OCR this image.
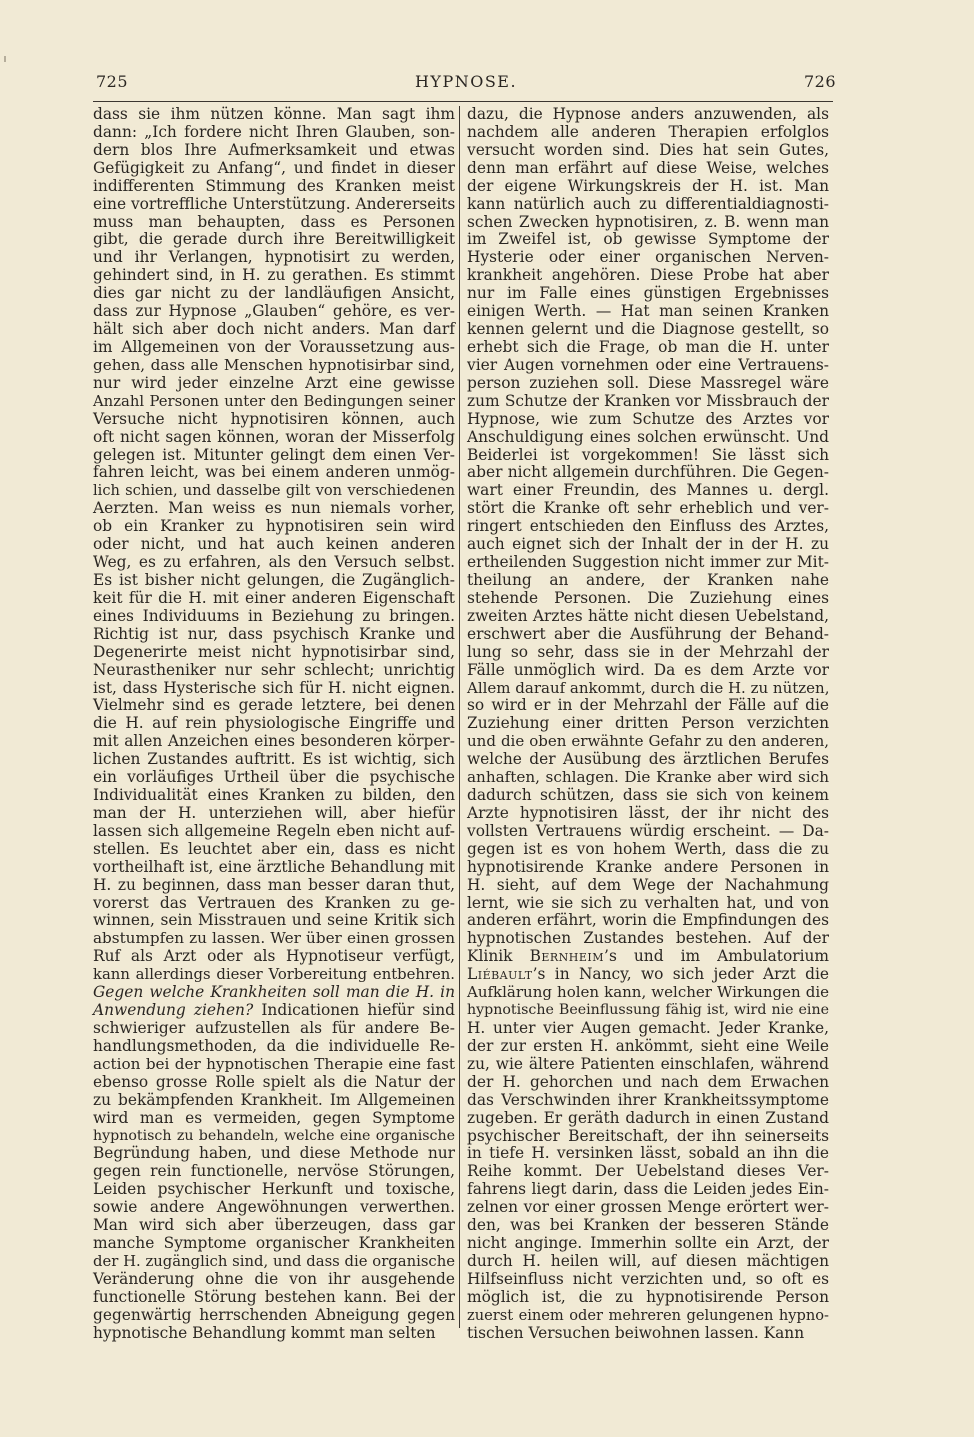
725	HYPNOSE.	726
dass sie ihm nützen könne. Man sagt ihm
dann: „Ich fordere nicht Ihren Glauben, son-
dern blos Ihre Aufmerksamkeit und etwas
Gefügigkeit zu Anfang“, und findet in dieser
indifferenten Stimmung des Kranken meist
eine vortreffliche Unterstützung. Andererseits
muss man behaupten, dass es Personen
gibt, die gerade durch ihre Bereitwilligkeit
und ihr Verlangen, hypnotisirt zu werden,
gehindert sind, in H. zu gerathen. Es stimmt
dies gar nicht zu der landläufigen Ansicht,
dass zur Hypnose „Glauben“ gehöre, es ver-
hält sich aber doch nicht anders. Man darf
im Allgemeinen von der Voraussetzung aus-
gehen, dass alle Menschen hypnotisirbar sind,
nur wird jeder einzelne Arzt eine gewisse
Anzahl Personen unter den Bedingungen seiner
Versuche nicht hypnotisiren können, auch
oft nicht sagen können, woran der Misserfolg
gelegen ist. Mitunter gelingt dem einen Ver-
fahren leicht, was bei einem anderen unmög-
lich schien, und dasselbe gilt von verschiedenen
Aerzten. Man weiss es nun niemals vorher,
ob ein Kranker zu hypnotisiren sein wird
oder nicht, und hat auch keinen anderen
Weg, es zu erfahren, als den Versuch selbst.
Es ist bisher nicht gelungen, die Zugänglich-
keit für die H. mit einer anderen Eigenschaft
eines Individuums in Beziehung zu bringen.
Richtig ist nur, dass psychisch Kranke und
Degenerirte meist nicht hypnotisirbar sind,
Neurastheniker nur sehr schlecht; unrichtig
ist, dass Hysterische sich für H. nicht eignen.
Vielmehr sind es gerade letztere, bei denen
die H. auf rein physiologische Eingriffe und
mit allen Anzeichen eines besonderen körper-
lichen Zustandes auftritt. Es ist wichtig, sich
ein vorläufiges Urtheil über die psychische
Individualität eines Kranken zu bilden, den
man der H. unterziehen will, aber hiefür
lassen sich allgemeine Regeln eben nicht auf-
stellen. Es leuchtet aber ein, dass es nicht
vortheilhaft ist, eine ärztliche Behandlung mit
H. zu beginnen, dass man besser daran thut,
vorerst das Vertrauen des Kranken zu ge-
winnen, sein Misstrauen und seine Kritik sich
abstumpfen zu lassen. Wer über einen grossen
Ruf als Arzt oder als Hypnotiseur verfügt,
kann allerdings dieser Vorbereitung entbehren.
Gegen welche Krankheiten soll man die H. in
Anwendung ziehen? Indicationen hiefür sind
schwieriger aufzustellen als für andere Be-
handlungsmethoden, da die individuelle Re-
action bei der hypnotischen Therapie eine fast
ebenso grosse Rolle spielt als die Natur der
zu bekämpfenden Krankheit. Im Allgemeinen
wird man es vermeiden, gegen Symptome
hypnotisch zu behandeln, welche eine organische
Begründung haben, und diese Methode nur
gegen rein functionelle, nervöse Störungen,
Leiden psychischer Herkunft und toxische,
sowie andere Angewöhnungen verwerthen.
Man wird sich aber überzeugen, dass gar
manche Symptome organischer Krankheiten
der H. zugänglich sind, und dass die organische
Veränderung ohne die von ihr ausgehende
functionelle Störung bestehen kann. Bei der
gegenwärtig herrschenden Abneigung gegen
hypnotische Behandlung kommt man selten
dazu, die Hypnose anders anzuwenden, als
nachdem alle anderen Therapien erfolglos
versucht worden sind. Dies hat sein Gutes,
denn man erfährt auf diese Weise, welches
der eigene Wirkungskreis der H. ist. Man
kann natürlich auch zu differentialdiagnosti-
schen Zwecken hypnotisiren, z. B. wenn man
im Zweifel ist, ob gewisse Symptome der
Hysterie oder einer organischen Nerven-
krankheit angehören. Diese Probe hat aber
nur im Falle eines günstigen Ergebnisses
einigen Werth. — Hat man seinen Kranken
kennen gelernt und die Diagnose gestellt, so
erhebt sich die Frage, ob man die H. unter
vier Augen vornehmen oder eine Vertrauens-
person zuziehen soll. Diese Massregel wäre
zum Schutze der Kranken vor Missbrauch der
Hypnose, wie zum Schutze des Arztes vor
Anschuldigung eines solchen erwünscht. Und
Beiderlei ist vorgekommen! Sie lässt sich
aber nicht allgemein durchführen. Die Gegen-
wart einer Freundin, des Mannes u. dergl.
stört die Kranke oft sehr erheblich und ver-
ringert entschieden den Einfluss des Arztes,
auch eignet sich der Inhalt der in der H. zu
ertheilenden Suggestion nicht immer zur Mit-
theilung an andere, der Kranken nahe
stehende Personen. Die Zuziehung eines
zweiten Arztes hätte nicht diesen Uebelstand,
erschwert aber die Ausführung der Behand-
lung so sehr, dass sie in der Mehrzahl der
Fälle unmöglich wird. Da es dem Arzte vor
Allem darauf ankommt, durch die H. zu nützen,
so wird er in der Mehrzahl der Fälle auf die
Zuziehung einer dritten Person verzichten
und die oben erwähnte Gefahr zu den anderen,
welche der Ausübung des ärztlichen Berufes
anhaften, schlagen. Die Kranke aber wird sich
dadurch schützen, dass sie sich von keinem
Arzte hypnotisiren lässt, der ihr nicht des
vollsten Vertrauens würdig erscheint. — Da-
gegen ist es von hohem Werth, dass die zu
hypnotisirende Kranke andere Personen in
H. sieht, auf dem Wege der Nachahmung
lernt, wie sie sich zu verhalten hat, und von
anderen erfährt, worin die Empfindungen des
hypnotischen Zustandes bestehen. Auf der
Klinik Bernheim’s und im Ambulatorium
Liébault’s in Nancy, wo sich jeder Arzt die
Aufklärung holen kann, welcher Wirkungen die
hypnotische Beeinflussung fähig ist, wird nie eine
H. unter vier Augen gemacht. Jeder Kranke,
der zur ersten H. ankömmt, sieht eine Weile
zu, wie ältere Patienten einschlafen, während
der H. gehorchen und nach dem Erwachen
das Verschwinden ihrer Krankheitssymptome
zugeben. Er geräth dadurch in einen Zustand
psychischer Bereitschaft, der ihn seinerseits
in tiefe H. versinken lässt, sobald an ihn die
Reihe kommt. Der Uebelstand dieses Ver-
fahrens liegt darin, dass die Leiden jedes Ein-
zelnen vor einer grossen Menge erörtert wer-
den, was bei Kranken der besseren Stände
nicht anginge. Immerhin sollte ein Arzt, der
durch H. heilen will, auf diesen mächtigen
Hilfseinfluss nicht verzichten und, so oft es
möglich ist, die zu hypnotisirende Person
zuerst einem oder mehreren gelungenen hypno-
tischen Versuchen beiwohnen lassen. Kann
